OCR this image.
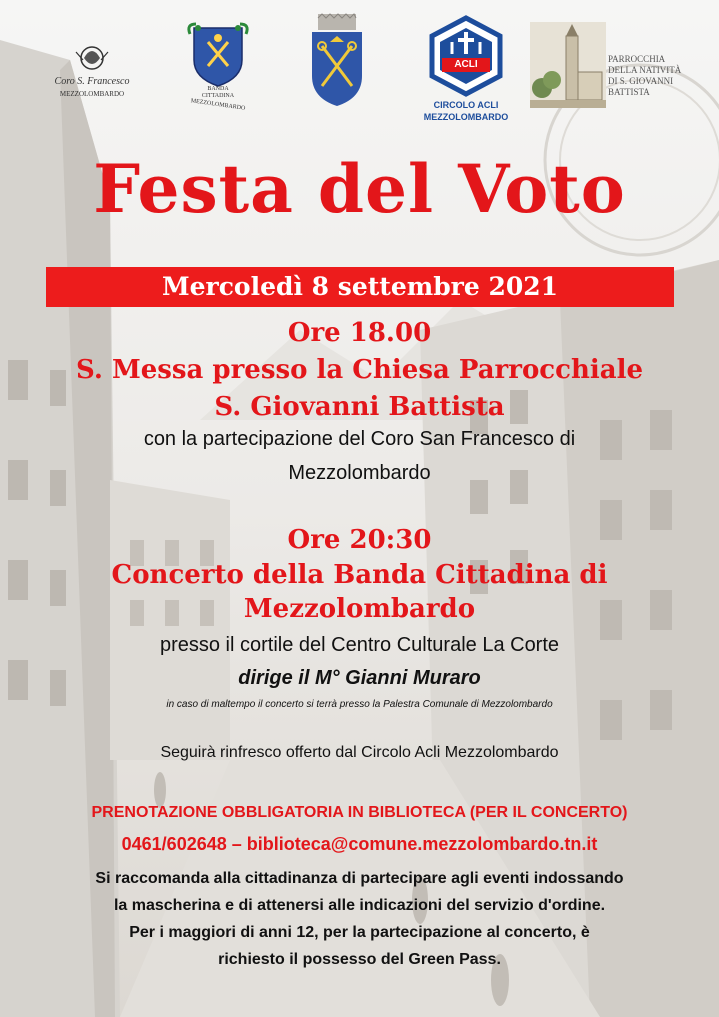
Coro S. Francesco
MEZZOLOMBARDO
BANDA
CITTADINA
MEZZOLOMBARDO
ACLI
CIRCOLO ACLI
MEZZOLOMBARDO
PARROCCHIA
DELLA NATIVITÀ
DI S. GIOVANNI
BATTISTA
Festa del Voto
Mercoledì 8 settembre 2021
Ore 18.00
S. Messa presso la Chiesa Parrocchiale
S. Giovanni Battista
con la partecipazione del Coro San Francesco di
Mezzolombardo
Ore 20:30
Concerto della Banda Cittadina di
Mezzolombardo
presso il cortile del Centro Culturale La Corte
dirige il M° Gianni Muraro
in caso di maltempo il concerto si terrà presso la Palestra Comunale di Mezzolombardo
Seguirà rinfresco offerto dal Circolo Acli Mezzolombardo
PRENOTAZIONE OBBLIGATORIA IN BIBLIOTECA (PER IL CONCERTO)
0461/602648 – biblioteca@comune.mezzolombardo.tn.it
Si raccomanda alla cittadinanza di partecipare agli eventi indossando
la mascherina e di attenersi alle indicazioni del servizio d'ordine.
Per i maggiori di anni 12, per la partecipazione al concerto, è
richiesto il possesso del Green Pass.
